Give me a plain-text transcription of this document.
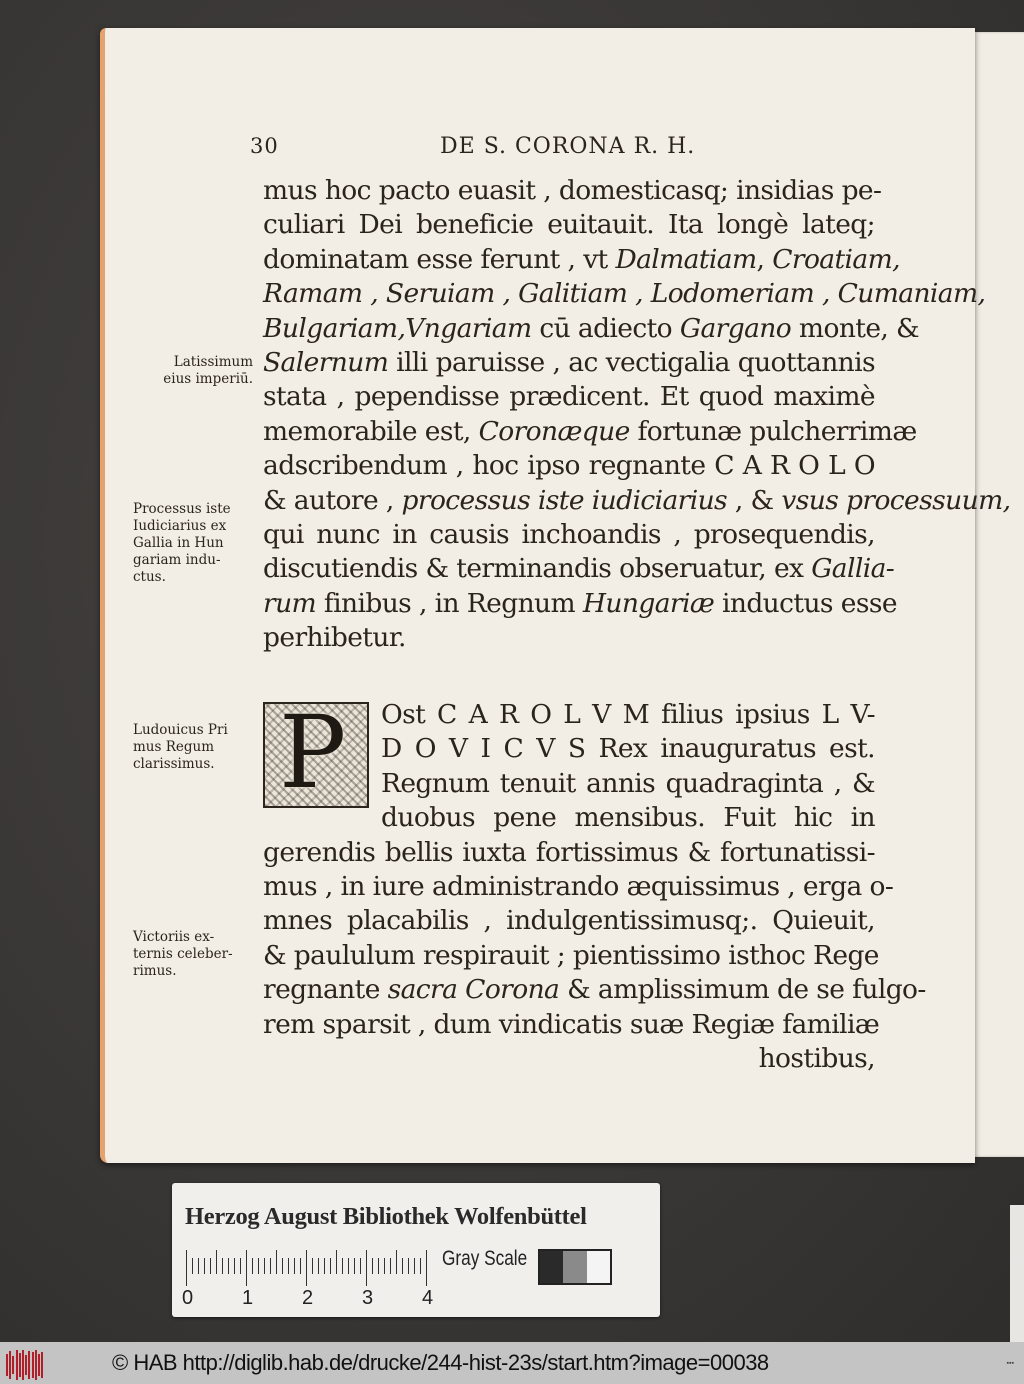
30	DE S. CORONA R. H.
mus hoc pacto euasit , domesticasq; insidias pe-
culiari Dei beneficie euitauit. Ita longè lateq;
dominatam esse ferunt , vt Dalmatiam, Croatiam,
Ramam , Seruiam , Galitiam , Lodomeriam , Cumaniam,
Bulgariam,Vngariam cū adiecto Gargano monte, &
Salernum illi paruisse , ac vectigalia quottannis
stata , pependisse prædicent. Et quod maximè
memorabile est, Coronæque fortunæ pulcherrimæ
adscribendum , hoc ipso regnante C A R O L O
& autore , processus iste iudiciarius , & vsus processuum,
qui nunc in causis inchoandis , prosequendis,
discutiendis & terminandis obseruatur, ex Gallia-
rum finibus , in Regnum Hungariæ inductus esse
perhibetur.
P Ost C A R O L V M filius ipsius L V-
D O V I C V S Rex inauguratus est.
Regnum tenuit annis quadraginta , &
duobus pene mensibus. Fuit hic in
gerendis bellis iuxta fortissimus & fortunatissi-
mus , in iure administrando æquissimus , erga o-
mnes placabilis , indulgentissimusq;. Quieuit,
& paululum respirauit ; pientissimo isthoc Rege
regnante sacra Corona & amplissimum de se fulgo-
rem sparsit , dum vindicatis suæ Regiæ familiæ
hostibus,
Latissimum
eius imperiū.
Processus iste
Iudiciarius ex
Gallia in Hun
gariam indu-
ctus.
Ludouicus Pri
mus Regum
clarissimus.
Victoriis ex-
ternis celeber-
rimus.
Herzog August Bibliothek Wolfenbüttel
0 1 2 3 4
Gray Scale
© HAB http://diglib.hab.de/drucke/244-hist-23s/start.htm?image=00038	▪▪▪
